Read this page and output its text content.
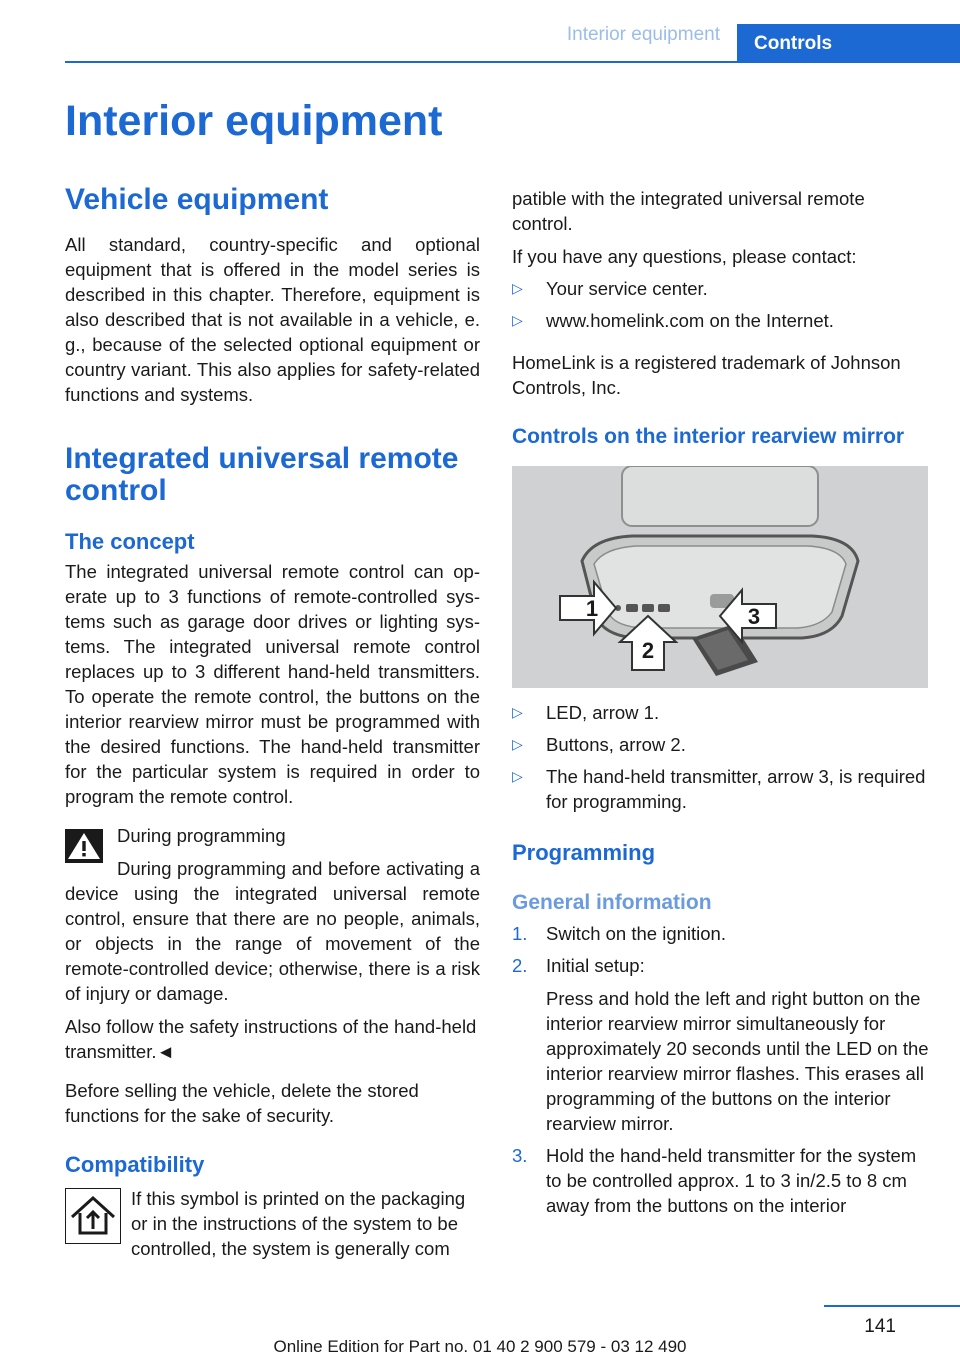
Interior equipment Controls
Interior equipment
Vehicle equipment

All standard, country-specific and optional equipment that is offered in the model series is described in this chapter. Therefore, equipment is also described that is not available in a vehicle, e. g., because of the selected optional equipment or country variant. This also applies for safety-related functions and systems.

Integrated universal remote control
The concept

The integrated universal remote control can operate up to 3 functions of remote-controlled systems such as garage door drives or lighting systems. The integrated universal remote control replaces up to 3 different hand-held transmitters. To operate the remote control, the buttons on the interior rearview mirror must be programmed with the desired functions. The hand-held transmitter for the particular system is required in order to program the remote control.

During programming

During programming and before activating a device using the integrated universal remote control, ensure that there are no people, animals, or objects in the range of movement of the remote-controlled device; otherwise, there is a risk of injury or damage.

Also follow the safety instructions of the hand-held transmitter.◄

Before selling the vehicle, delete the stored functions for the sake of security.

Compatibility

If this symbol is printed on the packaging or in the instructions of the system to be controlled, the system is generally com

patible with the integrated universal remote control.

If you have any questions, please contact:

▷ Your service center.
▷ www.homelink.com on the Internet.

HomeLink is a registered trademark of Johnson Controls, Inc.

Controls on the interior rearview mirror
1
2
3
▷ LED, arrow 1.
▷ Buttons, arrow 2.
▷ The hand-held transmitter, arrow 3, is required for programming.
Programming
General information
1. Switch on the ignition.
2. Initial setup:

Press and hold the left and right button on the interior rearview mirror simultaneously for approximately 20 seconds until the LED on the interior rearview mirror flashes. This erases all programming of the buttons on the interior rearview mirror.

3. Hold the hand-held transmitter for the system to be controlled approx. 1 to 3 in/2.5 to 8 cm away from the buttons on the interior
141
Online Edition for Part no. 01 40 2 900 579 - 03 12 490
